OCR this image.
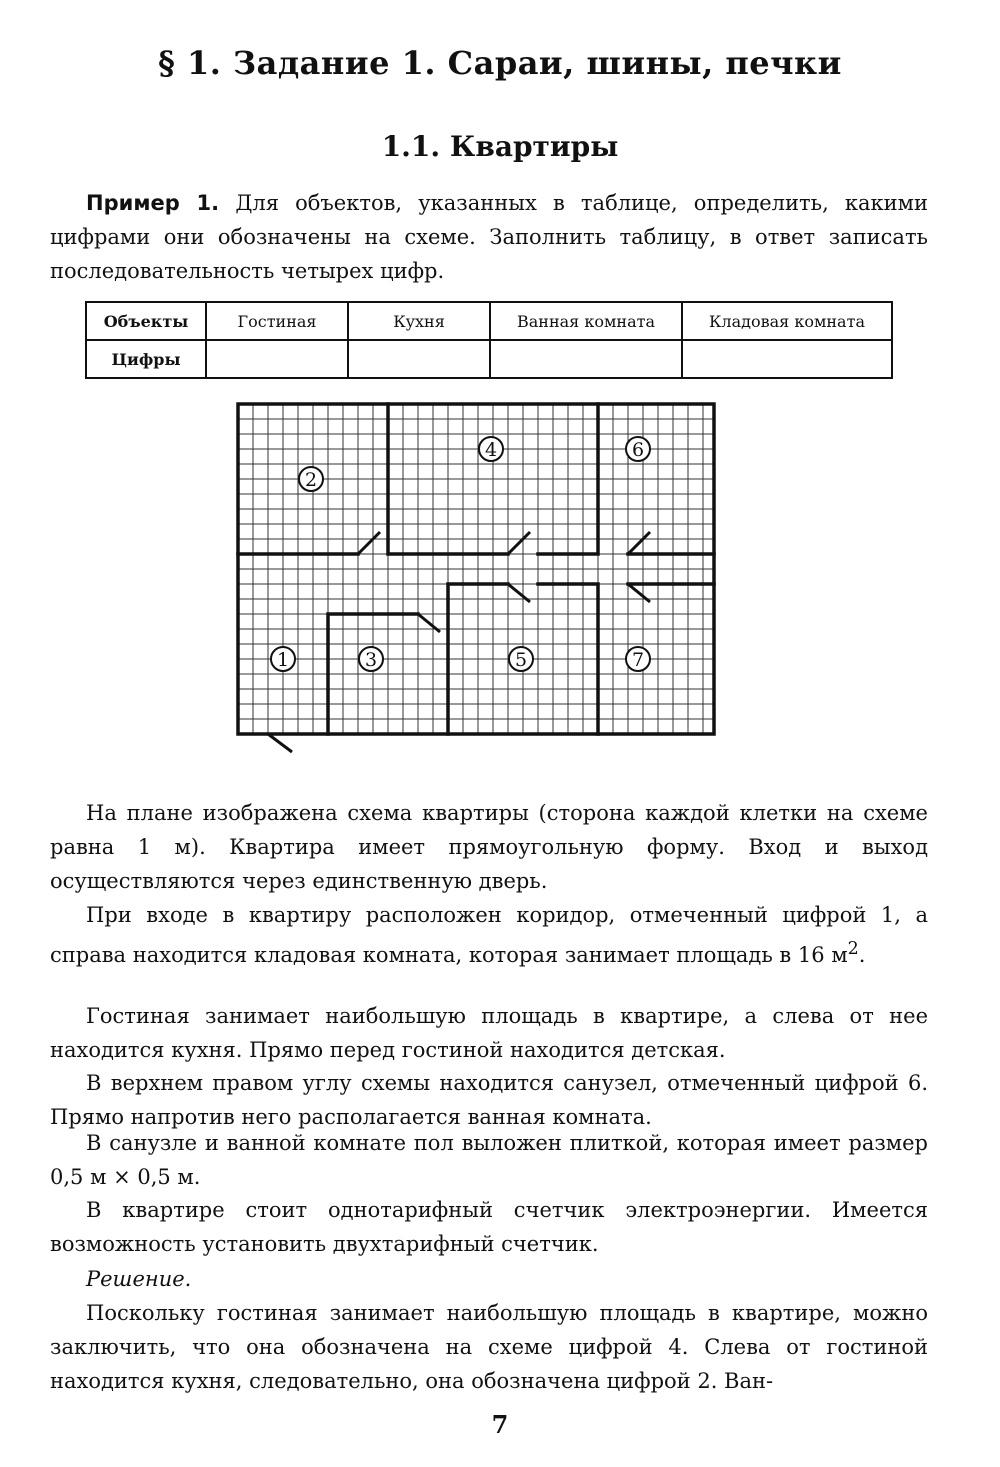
§ 1. Задание 1. Сараи, шины, печки
1.1. Квартиры

Пример 1. Для объектов, указанных в таблице, определить, какими цифрами они обозначены на схеме. Заполнить таблицу, в ответ записать последовательность четырех цифр.

Объекты	Гостиная	Кухня	Ванная комната	Кладовая комната
Цифры				
1
2
3
4
5
6
7

На плане изображена схема квартиры (сторона каждой клетки на схеме равна 1 м). Квартира имеет прямоугольную форму. Вход и выход осуществляются через единственную дверь.

При входе в квартиру расположен коридор, отмеченный цифрой 1, а справа находится кладовая комната, которая занимает площадь в 16 $м^2$.

Гостиная занимает наибольшую площадь в квартире, а слева от нее находится кухня. Прямо перед гостиной находится детская.

В верхнем правом углу схемы находится санузел, отмеченный цифрой 6. Прямо напротив него располагается ванная комната.

В санузле и ванной комнате пол выложен плиткой, которая имеет размер 0,5 м × 0,5 м.

В квартире стоит однотарифный счетчик электроэнергии. Имеется возможность установить двухтарифный счетчик.

Решение.

Поскольку гостиная занимает наибольшую площадь в квартире, можно заключить, что она обозначена на схеме цифрой 4. Слева от гостиной находится кухня, следовательно, она обозначена цифрой 2. Ван-

7
